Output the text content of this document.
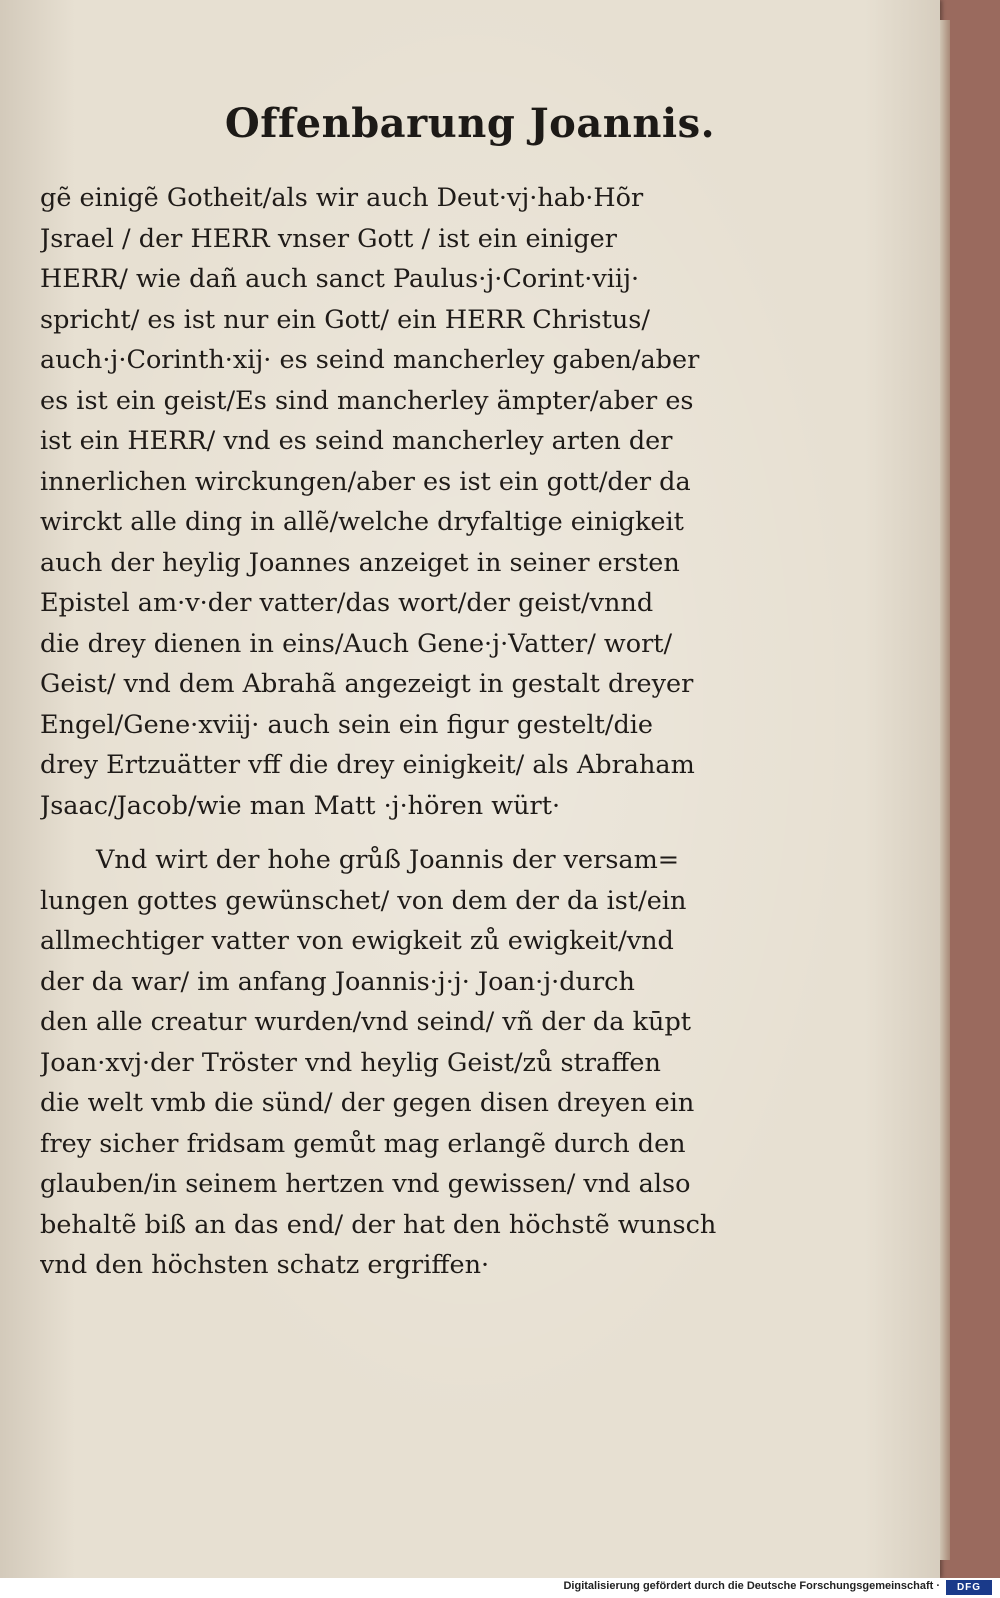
Offenbarung Joannis.
gẽ einigẽ Gotheit/als wir auch Deut·vj·hab·Hõr
Jsrael / der HERR vnser Gott / ist ein einiger
HERR/ wie dañ auch sanct Paulus·j·Corint·viij·
spricht/ es ist nur ein Gott/ ein HERR Christus/
auch·j·Corinth·xij· es seind mancherley gaben/aber
es ist ein geist/Es sind mancherley ämpter/aber es
ist ein HERR/ vnd es seind mancherley arten der
innerlichen wirckungen/aber es ist ein gott/der da
wirckt alle ding in allẽ/welche dryfaltige einigkeit
auch der heylig Joannes anzeiget in seiner ersten
Epistel am·v·der vatter/das wort/der geist/vnnd
die drey dienen in eins/Auch Gene·j·Vatter/ wort/
Geist/ vnd dem Abrahã angezeigt in gestalt dreyer
Engel/Gene·xviij· auch sein ein figur gestelt/die
drey Ertzuätter vff die drey einigkeit/ als Abraham
Jsaac/Jacob/wie man Matt ·j·hören würt·
Vnd wirt der hohe grůß Joannis der versam=
lungen gottes gewünschet/ von dem der da ist/ein
allmechtiger vatter von ewigkeit zů ewigkeit/vnd
der da war/ im anfang Joannis·j·j· Joan·j·durch
den alle creatur wurden/vnd seind/ vñ der da kūpt
Joan·xvj·der Tröster vnd heylig Geist/zů straffen
die welt vmb die sünd/ der gegen disen dreyen ein
frey sicher fridsam gemůt mag erlangẽ durch den
glauben/in seinem hertzen vnd gewissen/ vnd also
behaltẽ biß an das end/ der hat den höchstẽ wunsch
vnd den höchsten schatz ergriffen·
Digitalisierung gefördert durch die Deutsche Forschungsgemeinschaft ·	DFG
